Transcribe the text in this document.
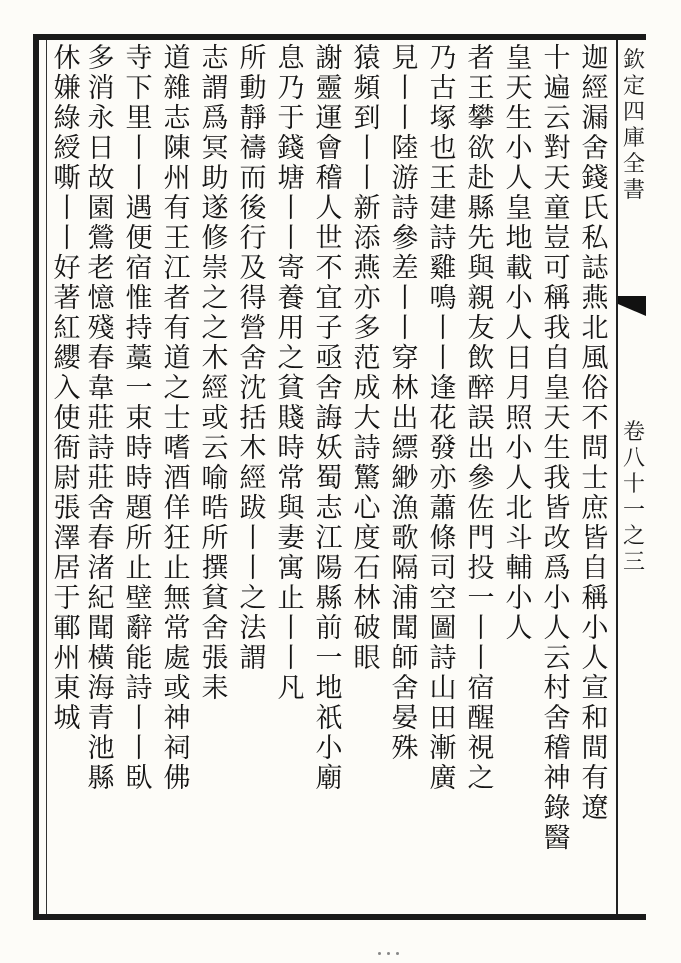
欽定四庫全書
卷八十一之三
迦經漏舍錢氏私誌燕北風俗不問士庶皆自稱小人宣和間有遼
十遍云對天童豈可稱我自皇天生我皆改爲小人云村舍稽神錄醫
皇天生小人皇地載小人日月照小人北斗輔小人
者王攀欲赴縣先與親友飲醉誤出參佐門投一丨丨宿醒視之
乃古塚也王建詩雞鳴丨丨逢花發亦蕭條司空圖詩山田漸廣
見丨丨陸游詩參差丨丨穿林出縹緲漁歌隔浦聞師舍晏殊
猿頻到丨丨新添燕亦多范成大詩驚心度石林破眼
謝靈運會稽人世不宜子亟舍誨妖蜀志江陽縣前一地祇小廟
息乃于錢塘丨丨寄養用之貧賤時常與妻寓止丨丨凡
所動靜禱而後行及得營舍沈括木經跋丨丨之法謂
志謂爲冥助遂修崇之之木經或云喻晧所撰貧舍張耒
道雜志陳州有王江者有道之士嗜酒佯狂止無常處或神祠佛
寺下里丨丨遇便宿惟持藁一束時時題所止壁辭能詩丨丨臥
多消永日故園鶯老憶殘春韋莊詩莊舍春渚紀聞橫海青池縣
休嫌綠綬嘶丨丨好著紅纓入使衙尉張澤居于鄆州東城
